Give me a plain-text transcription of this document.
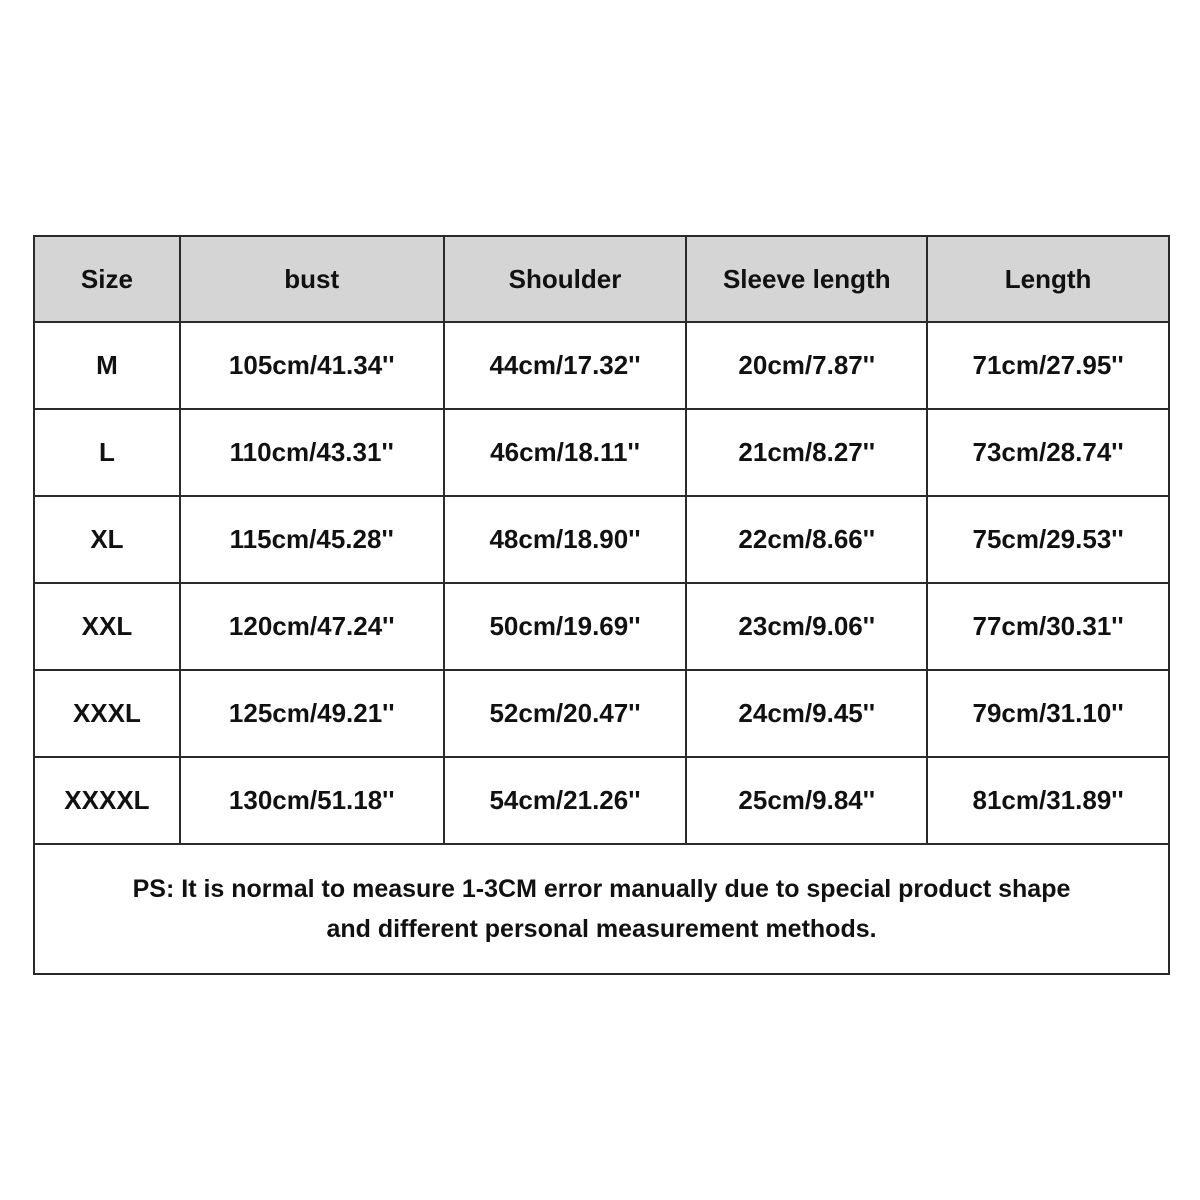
Size	bust	Shoulder	Sleeve length	Length
M	105cm/41.34''	44cm/17.32''	20cm/7.87''	71cm/27.95''
L	110cm/43.31''	46cm/18.11''	21cm/8.27''	73cm/28.74''
XL	115cm/45.28''	48cm/18.90''	22cm/8.66''	75cm/29.53''
XXL	120cm/47.24''	50cm/19.69''	23cm/9.06''	77cm/30.31''
XXXL	125cm/49.21''	52cm/20.47''	24cm/9.45''	79cm/31.10''
XXXXL	130cm/51.18''	54cm/21.26''	25cm/9.84''	81cm/31.89''

PS: It is normal to measure 1-3CM error manually due to special product shape
and different personal measurement methods.				
